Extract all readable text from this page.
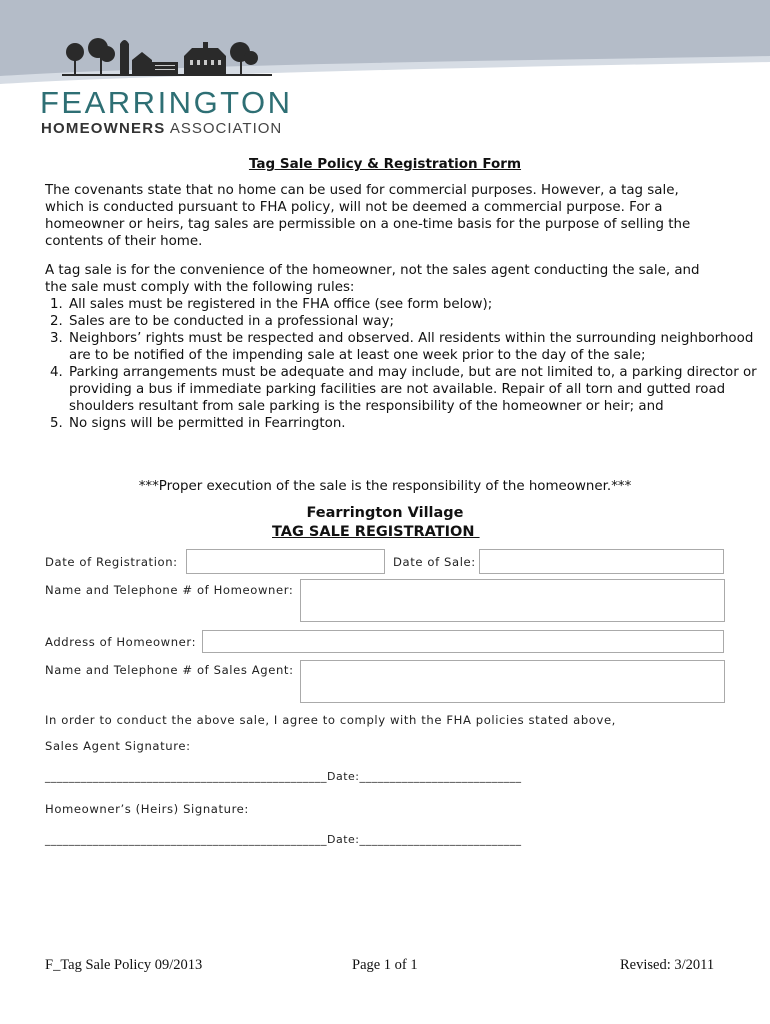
FEARRINGTON
HOMEOWNERS ASSOCIATION
Tag Sale Policy & Registration Form
The covenants state that no home can be used for commercial purposes. However, a tag sale,
which is conducted pursuant to FHA policy, will not be deemed a commercial purpose. For a
homeowner or heirs, tag sales are permissible on a one-time basis for the purpose of selling the
contents of their home.
A tag sale is for the convenience of the homeowner, not the sales agent conducting the sale, and
the sale must comply with the following rules:
1. All sales must be registered in the FHA office (see form below);
2. Sales are to be conducted in a professional way;
3. Neighbors’ rights must be respected and observed. All residents within the surrounding neighborhood are to be notified of the impending sale at least one week prior to the day of the sale;
4. Parking arrangements must be adequate and may include, but are not limited to, a parking director or providing a bus if immediate parking facilities are not available. Repair of all torn and gutted road shoulders resultant from sale parking is the responsibility of the homeowner or heir; and
5. No signs will be permitted in Fearrington.
***Proper execution of the sale is the responsibility of the homeowner.***
Fearrington Village
TAG SALE REGISTRATION
Date of Registration:	Date of Sale:
Name and Telephone # of Homeowner:
Address of Homeowner:
Name and Telephone # of Sales Agent:
In order to conduct the above sale, I agree to comply with the FHA policies stated above,
Sales Agent Signature:
_______________________________________________Date:___________________________
Homeowner’s (Heirs) Signature:
_______________________________________________Date:___________________________
F_Tag Sale Policy 09/2013	Page 1 of 1	Revised: 3/2011
